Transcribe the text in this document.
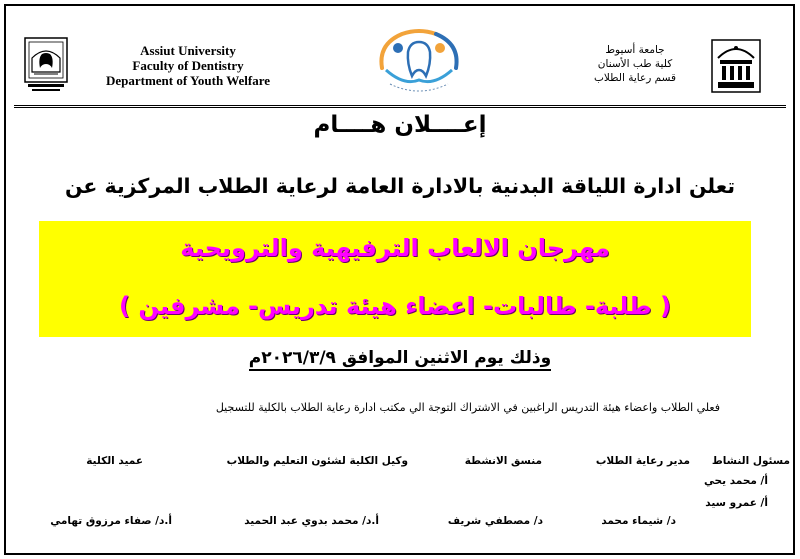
Assiut University
Faculty of Dentistry
Department of Youth Welfare
جامعة أسيوط
كلية طب الأسنان
قسم رعاية الطلاب
إعــــلان هــــام
تعلن ادارة اللياقة البدنية بالادارة العامة لرعاية الطلاب المركزية عن
مهرجان الالعاب الترفيهية والترويحية
( طلبة- طالبات- اعضاء هيئة تدريس- مشرفين )
وذلك يوم الاثنين الموافق ٢٠٢٦/٣/٩م
فعلي الطلاب واعضاء هيئة التدريس الراغبين في الاشتراك التوجة الي مكتب ادارة رعاية الطلاب بالكلية للتسجيل
مسئول النشاط
مدير رعاية الطلاب
منسق الانشطة
وكيل الكلية لشئون التعليم والطلاب
عميد الكلية
أ/ محمد يحي
أ/ عمرو سيد
د/ شيماء محمد
د/ مصطفي شريف
أ.د/ محمد بدوي عبد الحميد
أ.د/ صفاء مرزوق تهامي
